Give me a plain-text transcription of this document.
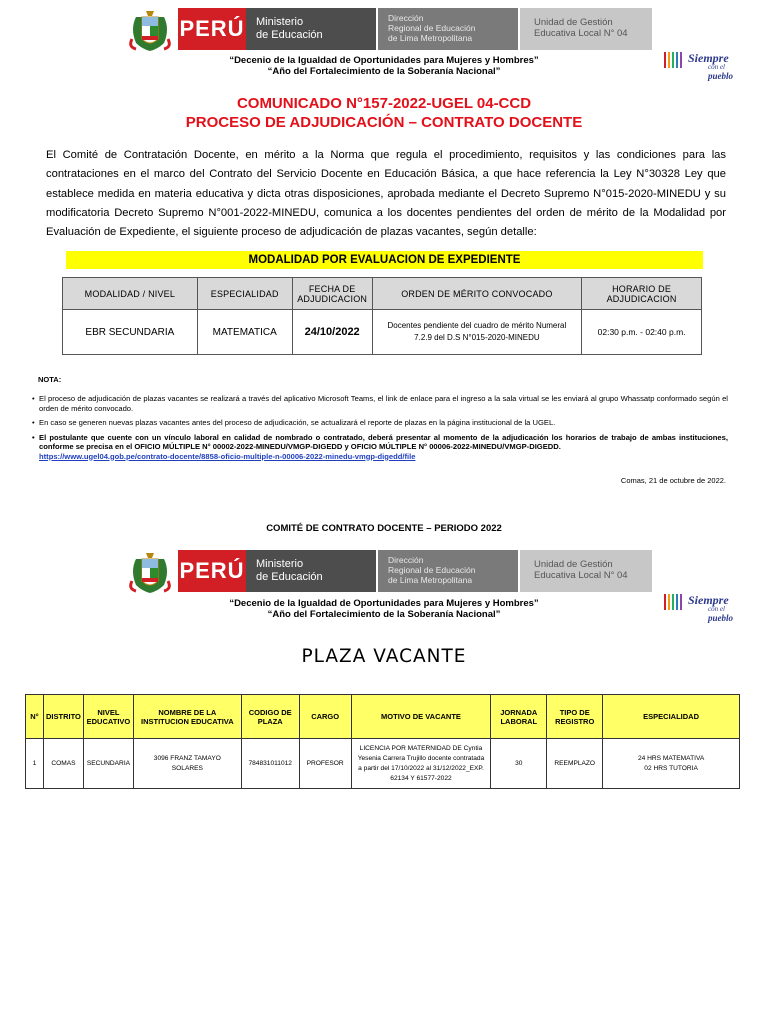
PERÚ Ministerio
de Educación
Dirección
Regional de Educación
de Lima Metropolitana
Unidad de Gestión
Educativa Local N° 04
Siempre
con el pueblo
“Decenio de la Igualdad de Oportunidades para Mujeres y Hombres”
“Año del Fortalecimiento de la Soberanía Nacional”
COMUNICADO N°157-2022-UGEL 04-CCD
PROCESO DE ADJUDICACIÓN – CONTRATO DOCENTE

El Comité de Contratación Docente, en mérito a la Norma que regula el procedimiento, requisitos y las condiciones para las contrataciones en el marco del Contrato del Servicio Docente en Educación Básica, a que hace referencia la Ley N°30328 Ley que establece medida en materia educativa y dicta otras disposiciones, aprobada mediante el Decreto Supremo N°015-2020-MINEDU y su modificatoria Decreto Supremo N°001-2022-MINEDU, comunica a los docentes pendientes del orden de mérito de la Modalidad por Evaluación de Expediente, el siguiente proceso de adjudicación de plazas vacantes, según detalle:

MODALIDAD POR EVALUACION DE EXPEDIENTE
MODALIDAD / NIVEL	ESPECIALIDAD	FECHA DE ADJUDICACION	ORDEN DE MÉRITO CONVOCADO	HORARIO DE ADJUDICACION
EBR SECUNDARIA	MATEMATICA	24/10/2022	Docentes pendiente del cuadro de mérito Numeral 7.2.9 del D.S N°015-2020-MINEDU	02:30 p.m. - 02:40 p.m.
NOTA:
• El proceso de adjudicación de plazas vacantes se realizará a través del aplicativo Microsoft Teams, el link de enlace para el ingreso a la sala virtual se les enviará al grupo Whassatp conformado según el orden de mérito convocado.
• En caso se generen nuevas plazas vacantes antes del proceso de adjudicación, se actualizará el reporte de plazas en la página institucional de la UGEL.
• El postulante que cuente con un vínculo laboral en calidad de nombrado o contratado, deberá presentar al momento de la adjudicación los horarios de trabajo de ambas instituciones, conforme se precisa en el OFICIO MÚLTIPLE N° 00002-2022-MINEDU/VMGP-DIGEDD y OFICIO MÚLTIPLE N° 00006-2022-MINEDU/VMGP-DIGEDD.
https://www.ugel04.gob.pe/contrato-docente/8858-oficio-multiple-n-00006-2022-minedu-vmgp-digedd/file
Comas, 21 de octubre de 2022.
COMITÉ DE CONTRATO DOCENTE – PERIODO 2022
PERÚ Ministerio
de Educación
Dirección
Regional de Educación
de Lima Metropolitana
Unidad de Gestión
Educativa Local N° 04
Siempre
con el pueblo
“Decenio de la Igualdad de Oportunidades para Mujeres y Hombres”
“Año del Fortalecimiento de la Soberanía Nacional”
PLAZA VACANTE
N°	DISTRITO	NIVEL EDUCATIVO	NOMBRE DE LA INSTITUCION EDUCATIVA	CODIGO DE PLAZA	CARGO	MOTIVO DE VACANTE	JORNADA LABORAL	TIPO DE REGISTRO	ESPECIALIDAD
1	COMAS	SECUNDARIA	3096 FRANZ TAMAYO SOLARES	784831011012	PROFESOR	LICENCIA POR MATERNIDAD DE Cyntia Yesenia Carrera Trujillo docente contratada a partir del 17/10/2022 al 31/12/2022_EXP. 62134 Y 61577-2022	30	REEMPLAZO	24 HRS MATEMATIVA
02 HRS TUTORIA
